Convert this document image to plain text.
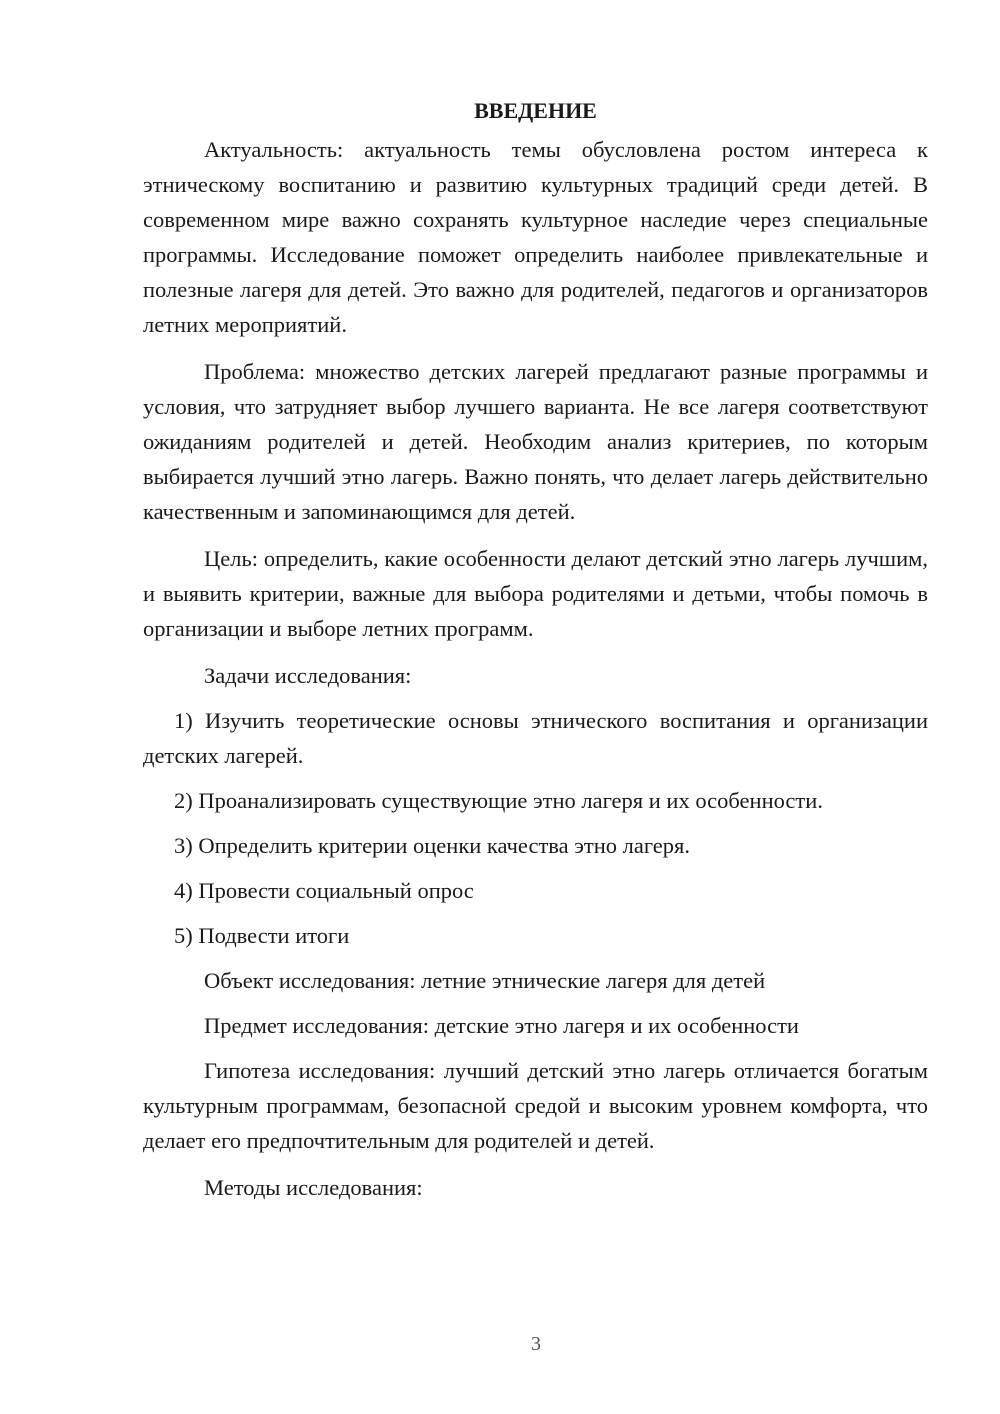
ВВЕДЕНИЕ

Актуальность: актуальность темы обусловлена ростом интереса к этническому воспитанию и развитию культурных традиций среди детей. В современном мире важно сохранять культурное наследие через специальные программы. Исследование поможет определить наиболее привлекательные и полезные лагеря для детей. Это важно для родителей, педагогов и организаторов летних мероприятий.

Проблема: множество детских лагерей предлагают разные программы и условия, что затрудняет выбор лучшего варианта. Не все лагеря соответствуют ожиданиям родителей и детей. Необходим анализ критериев, по которым выбирается лучший этно лагерь. Важно понять, что делает лагерь действительно качественным и запоминающимся для детей.

Цель: определить, какие особенности делают детский этно лагерь лучшим, и выявить критерии, важные для выбора родителями и детьми, чтобы помочь в организации и выборе летних программ.

Задачи исследования:

1) Изучить теоретические основы этнического воспитания и организации детских лагерей.

2) Проанализировать существующие этно лагеря и их особенности.

3) Определить критерии оценки качества этно лагеря.

4) Провести социальный опрос

5) Подвести итоги

Объект исследования: летние этнические лагеря для детей

Предмет исследования: детские этно лагеря и их особенности

Гипотеза исследования: лучший детский этно лагерь отличается богатым культурным программам, безопасной средой и высоким уровнем комфорта, что делает его предпочтительным для родителей и детей.

Методы исследования:

3
